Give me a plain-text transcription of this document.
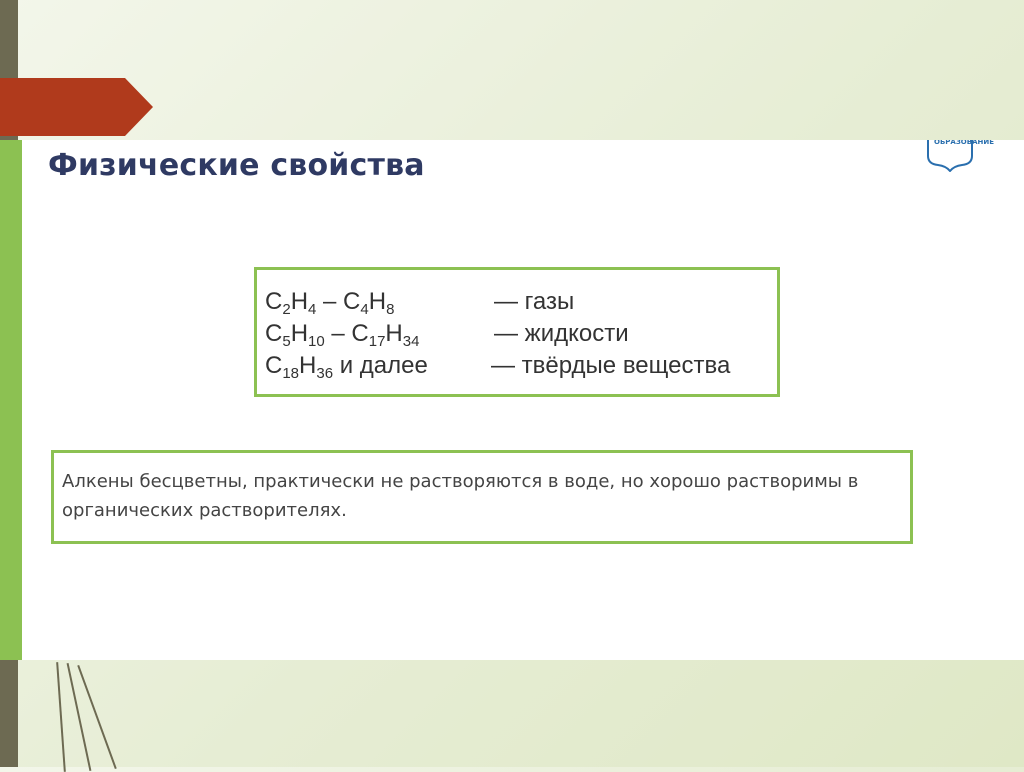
Физические свойства
ОБРАЗОВАНИЕ
$C_2H_4 - C_4H_8$	— газы
$C_5H_{10} - C_{17}H_{34}$	— жидкости
$C_{18}H_{36}$ и далее	— твёрдые вещества
Алкены бесцветны, практически не растворяются в воде, но хорошо растворимы в органических растворителях.
